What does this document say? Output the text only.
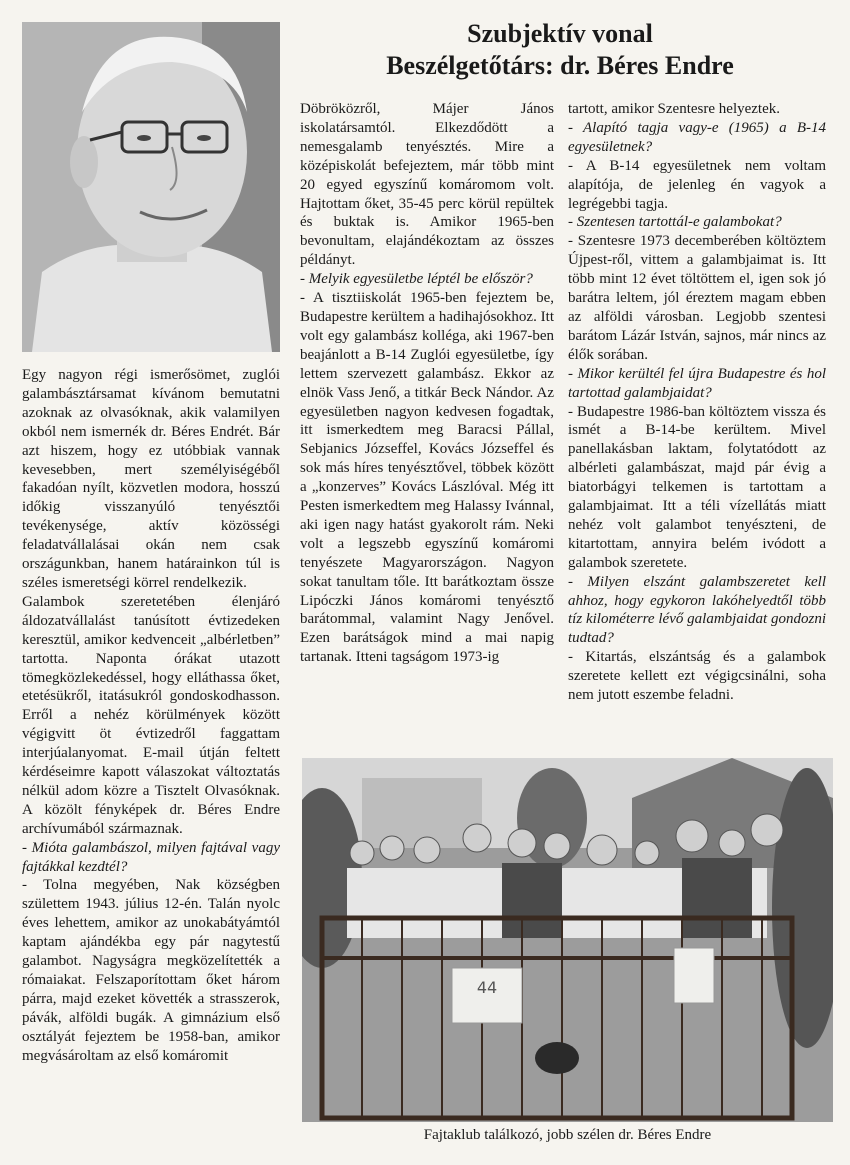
Szubjektív vonal
Beszélgetőtárs: dr. Béres Endre

Egy nagyon régi ismerősömet, zuglói galambásztársamat kívánom bemutatni azoknak az olvasóknak, akik valamilyen okból nem ismernék dr. Béres Endrét. Bár azt hiszem, hogy ez utóbbiak vannak kevesebben, mert személyiségéből fakadóan nyílt, közvetlen modora, hosszú időkig visszanyúló tenyésztői tevékenysége, aktív közösségi feladatvállalásai okán nem csak országunkban, hanem határainkon túl is széles ismeretségi körrel rendelkezik.

Galambok szeretetében élenjáró áldozatvállalást tanúsított évtizedeken keresztül, amikor kedvenceit „albérletben” tartotta. Naponta órákat utazott tömegközlekedéssel, hogy elláthassa őket, etetésükről, itatásukról gondoskodhasson. Erről a nehéz körülmények között végigvitt öt évtizedről faggattam interjúalanyomat. E-mail útján feltett kérdéseimre kapott válaszokat változtatás nélkül adom közre a Tisztelt Olvasóknak. A közölt fényképek dr. Béres Endre archívumából származnak.

- Mióta galambászol, milyen fajtával vagy fajtákkal kezdtél?

- Tolna megyében, Nak községben születtem 1943. július 12-én. Talán nyolc éves lehettem, amikor az unokabátyámtól kaptam ajándékba egy pár nagytestű galambot. Nagyságra megközelítették a rómaiakat. Felszaporítottam őket három párra, majd ezeket követték a strasszerok, pávák, alföldi bugák. A gimnázium első osztályát fejeztem be 1958-ban, amikor megvásároltam az első komáromit

Döbröközről, Májer János iskolatársamtól. Elkezdődött a nemesgalamb tenyésztés. Mire a középiskolát befejeztem, már több mint 20 egyed egyszínű komáromom volt. Hajtottam őket, 35-45 perc körül repültek és buktak is. Amikor 1965-ben bevonultam, elajándékoztam az összes példányt.

- Melyik egyesületbe léptél be először?

- A tisztiiskolát 1965-ben fejeztem be, Budapestre kerültem a hadihajósokhoz. Itt volt egy galambász kollégа, aki 1967-ben beajánlott a B-14 Zuglói egyesületbe, így lettem szervezett galambász. Ekkor az elnök Vass Jenő, a titkár Beck Nándor. Az egyesületben nagyon kedvesen fogadtak, itt ismerkedtem meg Baracsi Pállal, Sebjanics Józseffel, Kovács Józseffel és sok más híres tenyésztővel, többek között a „konzerves” Kovács Lászlóval. Még itt Pesten ismerkedtem meg Halassy Ivánnal, aki igen nagy hatást gyakorolt rám. Neki volt a legszebb egyszínű komáromi tenyészete Magyarországon. Nagyon sokat tanultam tőle. Itt barátkoztam össze Lipóczki János komáromi tenyésztő barátommal, valamint Nagy Jenővel. Ezen barátságok mind a mai napig tartanak. Itteni tagságom 1973-ig

tartott, amikor Szentesre helyeztek.

- Alapító tagja vagy-e (1965) a B-14 egyesületnek?

- A B-14 egyesületnek nem voltam alapítója, de jelenleg én vagyok a legrégebbi tagja.

- Szentesen tartottál-e galambokat?

- Szentesre 1973 decemberében költöztem Újpest-ről, vittem a galambjaimat is. Itt több mint 12 évet töltöttem el, igen sok jó barátra leltem, jól éreztem magam ebben az alföldi városban. Legjobb szentesi barátom Lázár István, sajnos, már nincs az élők sorában.

- Mikor kerültél fel újra Budapestre és hol tartottad galambjaidat?

- Budapestre 1986-ban költöztem vissza és ismét a B-14-be kerültem. Mivel panellakásban laktam, folytatódott az albérleti galambászat, majd pár évig a biatorbágyi telkemen is tartottam a galambjaimat. Itt a téli vízellátás miatt nehéz volt galambot tenyészteni, de kitartottam, annyira belém ivódott a galambok szeretete.

- Milyen elszánt galambszeretet kell ahhoz, hogy egykoron lakóhelyedtől több tíz kilométerre lévő galambjaidat gondozni tudtad?

- Kitartás, elszántság és a galambok szeretete kellett ezt végigcsinálni, soha nem jutott eszembe feladni.

44
Fajtaklub találkozó, jobb szélen dr. Béres Endre
